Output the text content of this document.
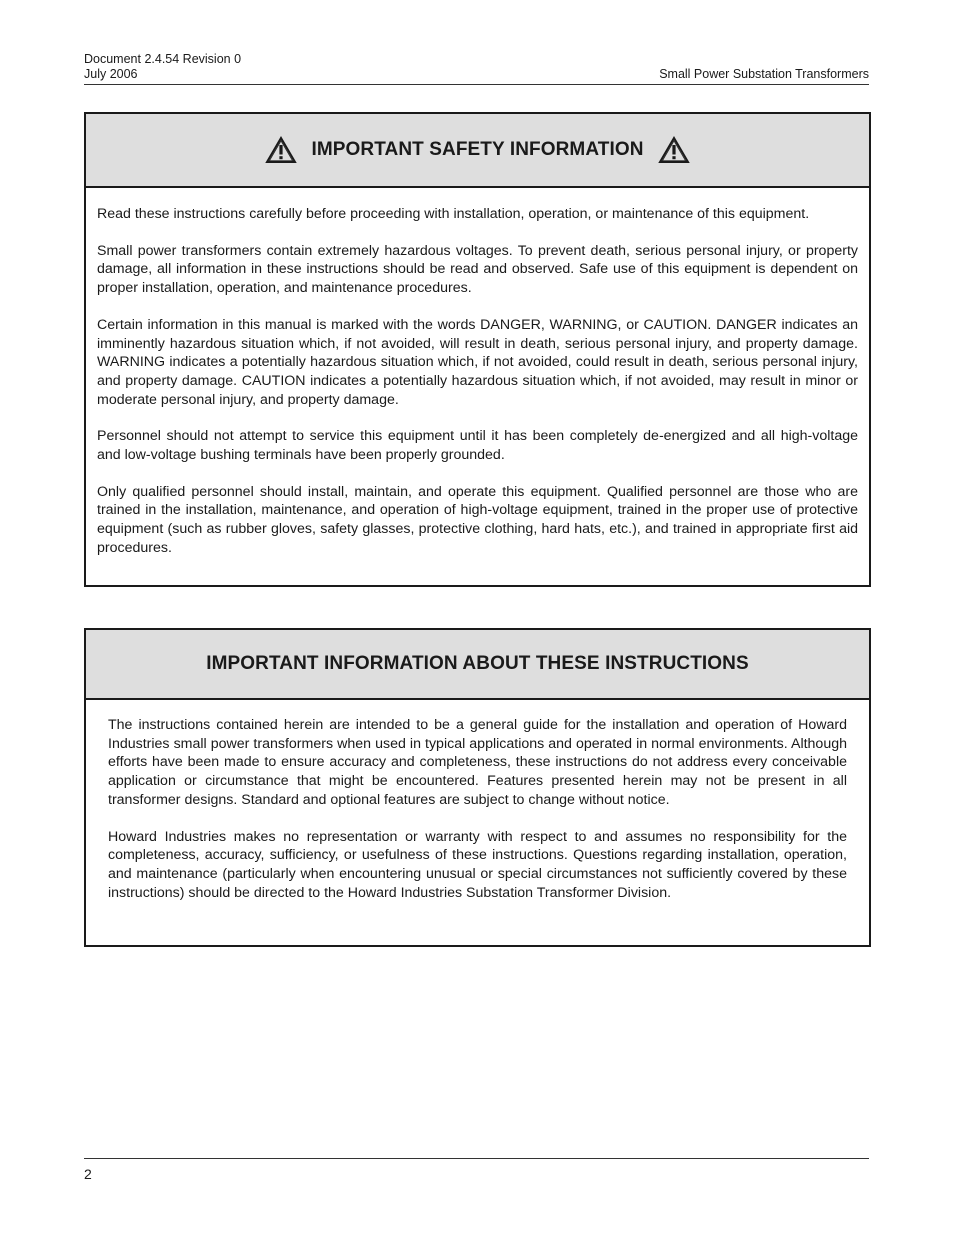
Document 2.4.54 Revision 0
July 2006	Small Power Substation Transformers
IMPORTANT SAFETY INFORMATION

Read these instructions carefully before proceeding with installation, operation, or maintenance of this equipment.

Small power transformers contain extremely hazardous voltages. To prevent death, serious personal injury, or property damage, all information in these instructions should be read and observed. Safe use of this equipment is dependent on proper installation, operation, and maintenance procedures.

Certain information in this manual is marked with the words DANGER, WARNING, or CAUTION. DANGER indicates an imminently hazardous situation which, if not avoided, will result in death, serious personal injury, and property damage. WARNING indicates a potentially hazardous situation which, if not avoided, could result in death, serious personal injury, and property damage. CAUTION indicates a potentially hazardous situation which, if not avoided, may result in minor or moderate personal injury, and property damage.

Personnel should not attempt to service this equipment until it has been completely de-energized and all high-voltage and low-voltage bushing terminals have been properly grounded.

Only qualified personnel should install, maintain, and operate this equipment. Qualified personnel are those who are trained in the installation, maintenance, and operation of high-voltage equipment, trained in the proper use of protective equipment (such as rubber gloves, safety glasses, protective clothing, hard hats, etc.), and trained in appropriate first aid procedures.

IMPORTANT INFORMATION ABOUT THESE INSTRUCTIONS

The instructions contained herein are intended to be a general guide for the installation and operation of Howard Industries small power transformers when used in typical applications and operated in normal environments. Although efforts have been made to ensure accuracy and completeness, these instructions do not address every conceivable application or circumstance that might be encountered. Features presented herein may not be present in all transformer designs. Standard and optional features are subject to change without notice.

Howard Industries makes no representation or warranty with respect to and assumes no responsibility for the completeness, accuracy, sufficiency, or usefulness of these instructions. Questions regarding installation, operation, and maintenance (particularly when encountering unusual or special circumstances not sufficiently covered by these instructions) should be directed to the Howard Industries Substation Transformer Division.

2
